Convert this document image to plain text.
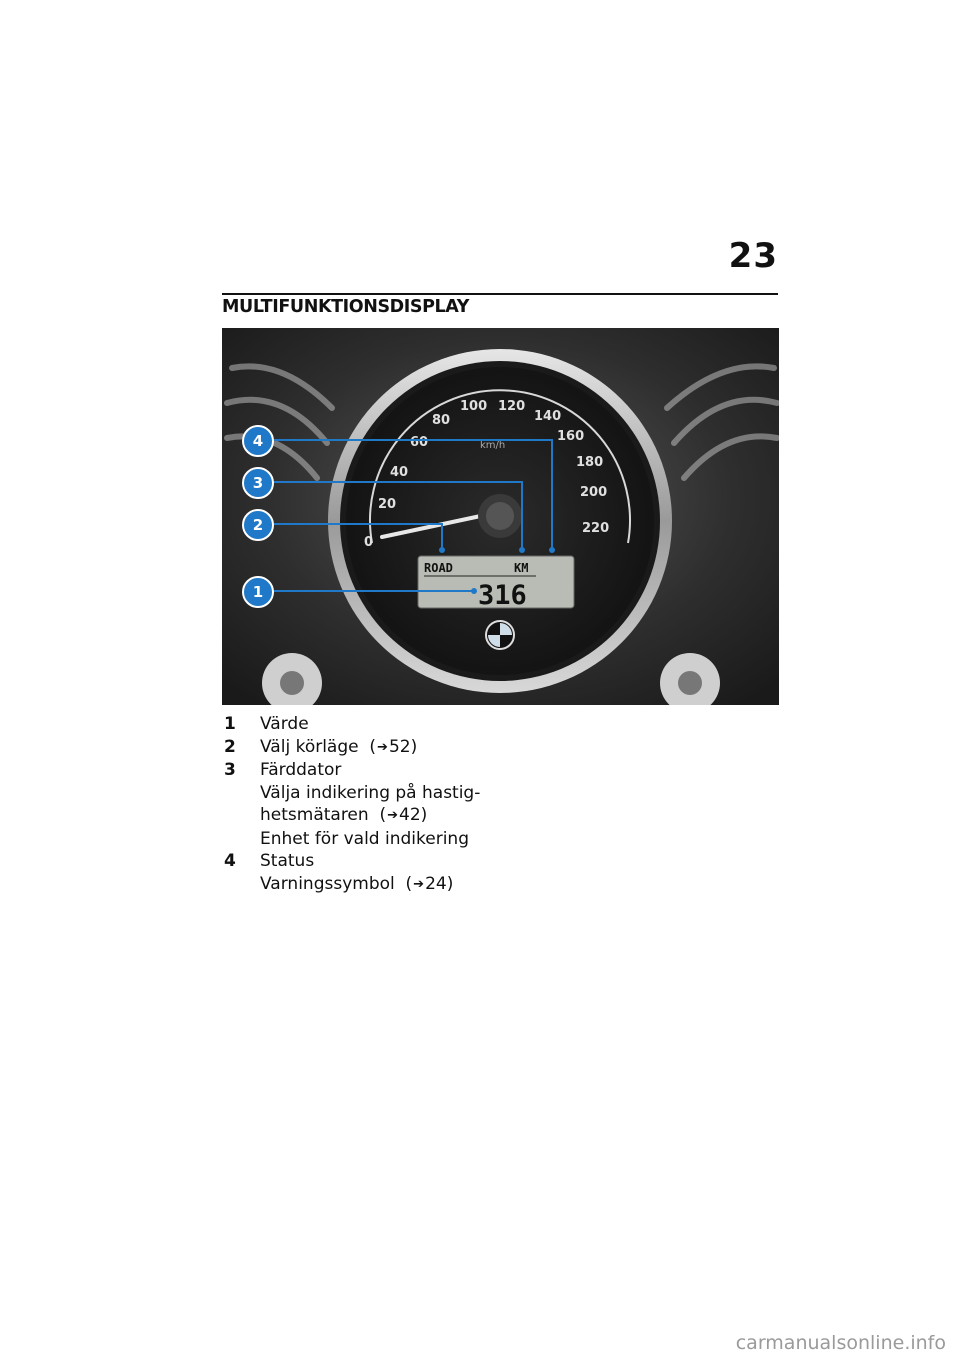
23
MULTIFUNKTIONSDISPLAY
0
20
40
60
80
100 120
140
160
180
200
220
km/h
ROAD	KM
316
4
3
2
1
1	Värde
2	Välj körläge  (➔52)
3	Färddator
Välja indikering på hastig-
hetsmätaren  (➔42)
Enhet för vald indikering
4	Status
Varningssymbol  (➔24)
carmanualsonline.info
